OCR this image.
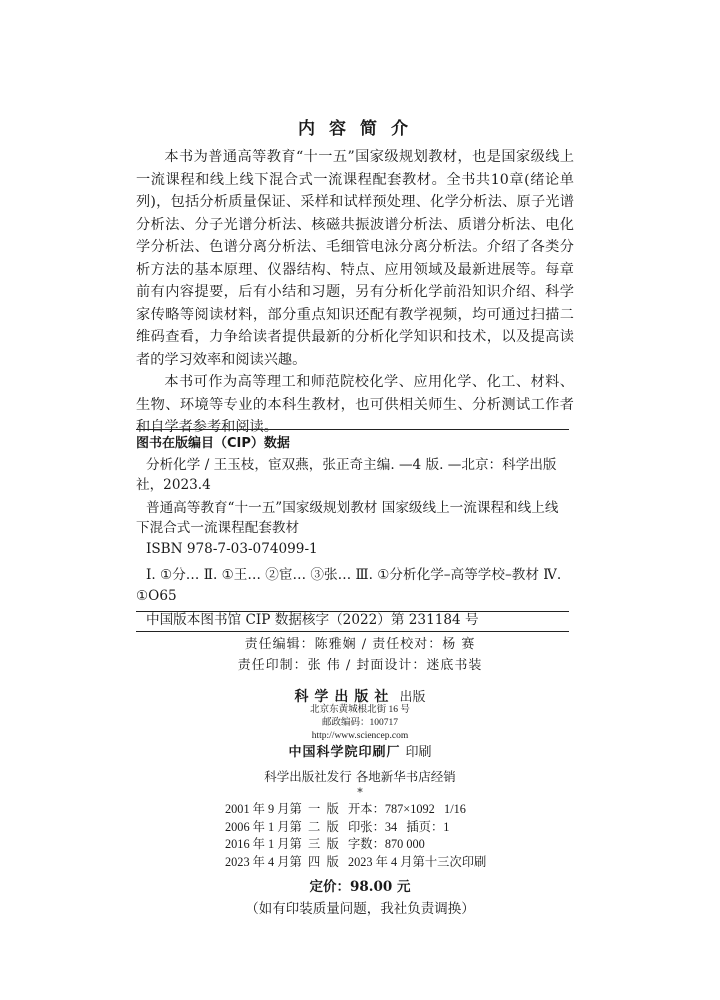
内容简介

本书为普通高等教育“十一五”国家级规划教材，也是国家级线上一流课程和线上线下混合式一流课程配套教材。全书共10章(绪论单列)，包括分析质量保证、采样和试样预处理、化学分析法、原子光谱分析法、分子光谱分析法、核磁共振波谱分析法、质谱分析法、电化学分析法、色谱分离分析法、毛细管电泳分离分析法。介绍了各类分析方法的基本原理、仪器结构、特点、应用领域及最新进展等。每章前有内容提要，后有小结和习题，另有分析化学前沿知识介绍、科学家传略等阅读材料，部分重点知识还配有教学视频，均可通过扫描二维码查看，力争给读者提供最新的分析化学知识和技术，以及提高读者的学习效率和阅读兴趣。

本书可作为高等理工和师范院校化学、应用化学、化工、材料、生物、环境等专业的本科生教材，也可供相关师生、分析测试工作者和自学者参考和阅读。

图书在版编目（CIP）数据
分析化学 / 王玉枝，宦双燕，张正奇主编. —4 版. —北京：科学出版社，2023.4
普通高等教育“十一五”国家级规划教材 国家级线上一流课程和线上线下混合式一流课程配套教材
ISBN 978-7-03-074099-1
Ⅰ. ①分… Ⅱ. ①王… ②宦… ③张… Ⅲ. ①分析化学–高等学校–教材 Ⅳ. ①O65
中国版本图书馆 CIP 数据核字（2022）第 231184 号
责任编辑：陈雅娴 / 责任校对：杨 赛
责任印制：张 伟 / 封面设计：迷底书装
科学出版社 出版
北京东黄城根北街 16 号
邮政编码：100717
http://www.sciencep.com
中国科学院印刷厂 印刷
科学出版社发行 各地新华书店经销
*
2001 年 9 月第  一  版   开本：787×1092   1/16
2006 年 1 月第  二  版   印张：34   插页：1
2016 年 1 月第  三  版   字数：870 000
2023 年 4 月第  四  版   2023 年 4 月第十三次印刷
定价：98.00 元
（如有印装质量问题，我社负责调换）
